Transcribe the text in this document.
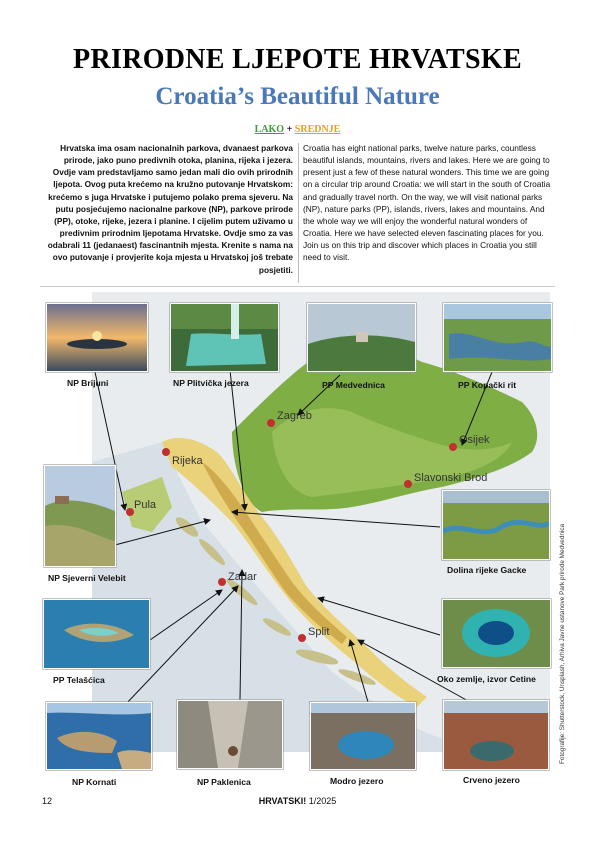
PRIRODNE LJEPOTE HRVATSKE
Croatia’s Beautiful Nature
LAKO + SREDNJE
Hrvatska ima osam nacionalnih parkova, dvanaest parkova prirode, jako puno predivnih otoka, planina, rijeka i jezera. Ovdje vam predstavljamo samo jedan mali dio ovih prirodnih ljepota. Ovog puta krećemo na kružno putovanje Hrvatskom: krećemo s juga Hrvatske i putujemo polako prema sjeveru. Na putu posjećujemo nacionalne parkove (NP), parkove prirode (PP), otoke, rijeke, jezera i planine. I cijelim putem uživamo u predivnim prirodnim ljepotama Hrvatske. Ovdje smo za vas odabrali 11 (jedanaest) fascinantnih mjesta. Krenite s nama na ovo putovanje i provjerite koja mjesta u Hrvatskoj još trebate posjetiti.
Croatia has eight national parks, twelve nature parks, countless beautiful islands, mountains, rivers and lakes. Here we are going to present just a few of these natural wonders. This time we are going on a circular trip around Croatia: we will start in the south of Croatia and gradually travel north. On the way, we will visit national parks (NP), nature parks (PP), islands, rivers, lakes and mountains. And the whole way we will enjoy the wonderful natural wonders of Croatia. Here we have selected eleven fascinating places for you. Join us on this trip and discover which places in Croatia you still need to visit.
Zagreb
Osijek
Slavonski Brod
Rijeka
Pula
Zadar
Split
NP Brijuni	NP Plitvička jezera	PP Medvednica	PP Kopački rit
NP Sjeverni Velebit
Dolina rijeke Gacke
PP Telašćica	Oko zemlje, izvor Cetine
NP Kornati	NP Paklenica	Modro jezero	Crveno jezero
Fotografije: Shutterstock, Unsplash, Arhiva Javne ustanove Park prirode Medvednica
12	HRVATSKI! 1/2025
